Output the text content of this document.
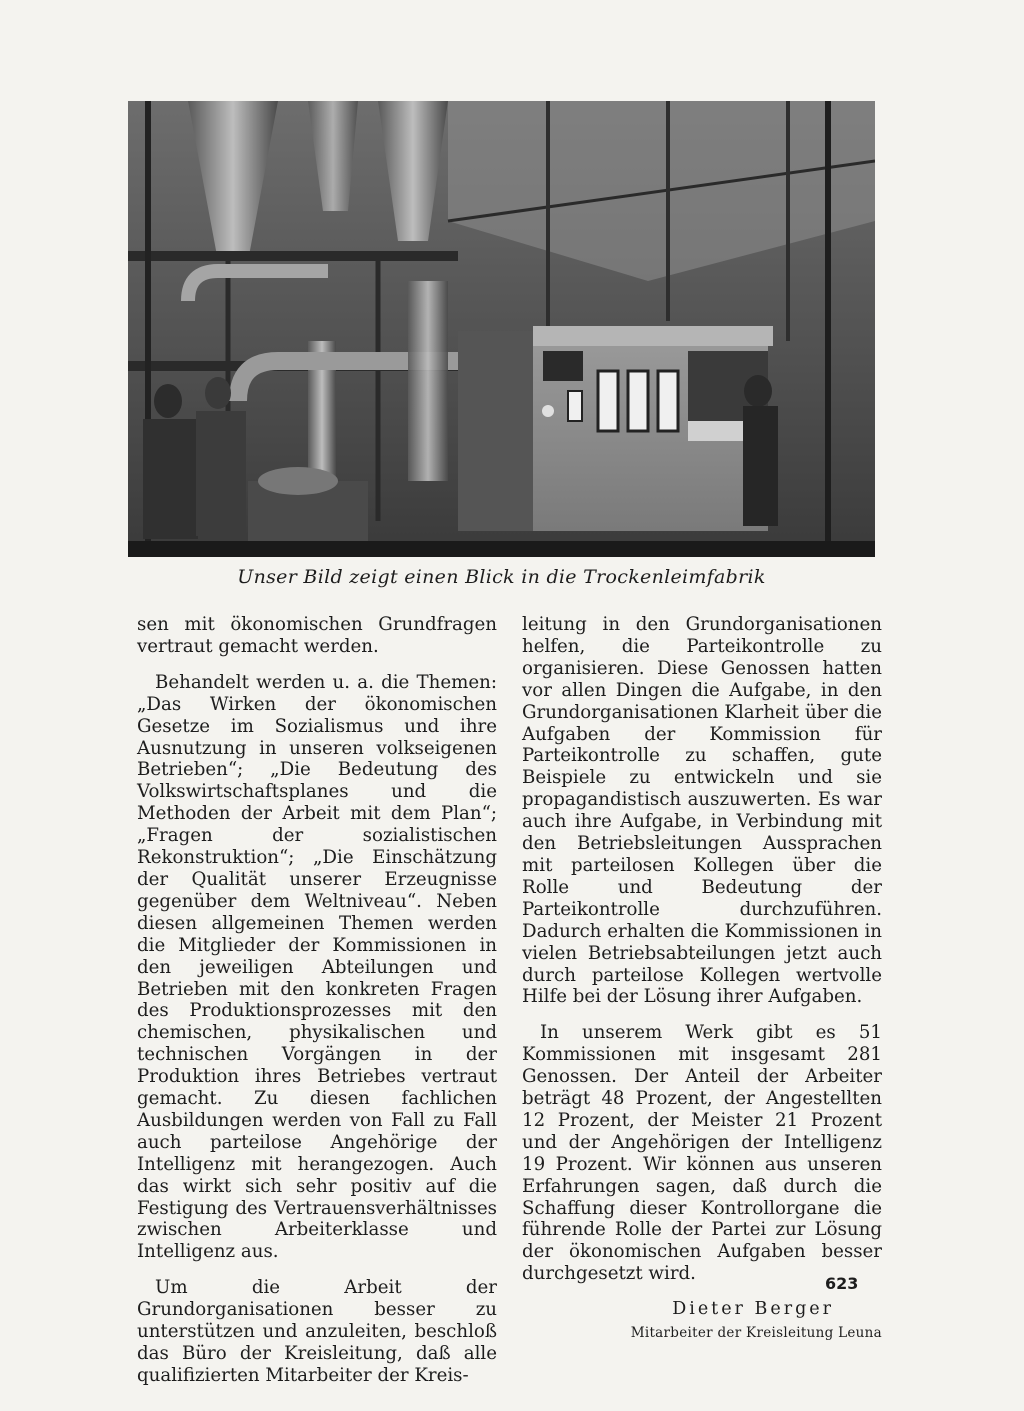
Unser Bild zeigt einen Blick in die Trockenleimfabrik

sen mit ökonomischen Grundfragen vertraut gemacht werden.

Behandelt werden u. a. die Themen: „Das Wirken der ökonomischen Gesetze im Sozialismus und ihre Ausnutzung in unseren volkseigenen Betrieben“; „Die Bedeutung des Volkswirtschaftsplanes und die Methoden der Arbeit mit dem Plan“; „Fragen der sozialistischen Rekonstruktion“; „Die Einschätzung der Qualität unserer Erzeugnisse gegenüber dem Weltniveau“. Neben diesen allgemeinen Themen werden die Mitglieder der Kommissionen in den jeweiligen Abteilungen und Betrieben mit den konkreten Fragen des Produktionsprozesses mit den chemischen, physikalischen und technischen Vorgängen in der Produktion ihres Betriebes vertraut gemacht. Zu diesen fachlichen Ausbildungen werden von Fall zu Fall auch parteilose Angehörige der Intelligenz mit herangezogen. Auch das wirkt sich sehr positiv auf die Festigung des Vertrauensverhältnisses zwischen Arbeiterklasse und Intelligenz aus.

Um die Arbeit der Grundorganisationen besser zu unterstützen und anzuleiten, beschloß das Büro der Kreisleitung, daß alle qualifizierten Mitarbeiter der Kreis-

leitung in den Grundorganisationen helfen, die Parteikontrolle zu organisieren. Diese Genossen hatten vor allen Dingen die Aufgabe, in den Grundorganisationen Klarheit über die Aufgaben der Kommission für Parteikontrolle zu schaffen, gute Beispiele zu entwickeln und sie propagandistisch auszuwerten. Es war auch ihre Aufgabe, in Verbindung mit den Betriebsleitungen Aussprachen mit parteilosen Kollegen über die Rolle und Bedeutung der Parteikontrolle durchzuführen. Dadurch erhalten die Kommissionen in vielen Betriebsabteilungen jetzt auch durch parteilose Kollegen wertvolle Hilfe bei der Lösung ihrer Aufgaben.

In unserem Werk gibt es 51 Kommissionen mit insgesamt 281 Genossen. Der Anteil der Arbeiter beträgt 48 Prozent, der Angestellten 12 Prozent, der Meister 21 Prozent und der Angehörigen der Intelligenz 19 Prozent. Wir können aus unseren Erfahrungen sagen, daß durch die Schaffung dieser Kontrollorgane die führende Rolle der Partei zur Lösung der ökonomischen Aufgaben besser durchgesetzt wird.

Dieter Berger
Mitarbeiter der Kreisleitung Leuna
623
